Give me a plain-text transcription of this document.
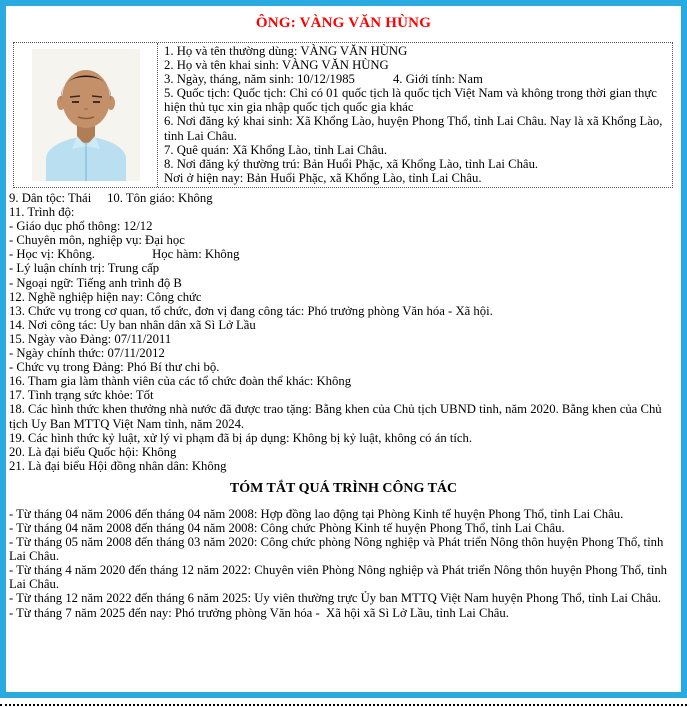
ÔNG: VÀNG VĂN HÙNG
1. Họ và tên thường dùng: VÀNG VĂN HÙNG
2. Họ và tên khai sinh: VÀNG VĂN HÙNG
3. Ngày, tháng, năm sinh: 10/12/1985            4. Giới tính: Nam
5. Quốc tịch: Quốc tịch: Chỉ có 01 quốc tịch là quốc tịch Việt Nam và không trong thời gian thực hiện thủ tục xin gia nhập quốc tịch quốc gia khác
6. Nơi đăng ký khai sinh: Xã Khổng Lào, huyện Phong Thổ, tỉnh Lai Châu. Nay là xã Khổng Lào, tỉnh Lai Châu.
7. Quê quán: Xã Khổng Lào, tỉnh Lai Châu.
8. Nơi đăng ký thường trú: Bản Huổi Phặc, xã Khổng Lào, tỉnh Lai Châu.
Nơi ở hiện nay: Bản Huổi Phặc, xã Khổng Lào, tỉnh Lai Châu.
9. Dân tộc: Thái     10. Tôn giáo: Không
11. Trình độ:
- Giáo dục phổ thông: 12/12
- Chuyên môn, nghiệp vụ: Đại học
- Học vị: Không.                  Học hàm: Không
- Lý luận chính trị: Trung cấp
- Ngoại ngữ: Tiếng anh trình độ B
12. Nghề nghiệp hiện nay: Công chức
13. Chức vụ trong cơ quan, tổ chức, đơn vị đang công tác: Phó trưởng phòng Văn hóa - Xã hội.
14. Nơi công tác: Uy ban nhân dân xã Sì Lở Lầu
15. Ngày vào Đảng: 07/11/2011
- Ngày chính thức: 07/11/2012
- Chức vụ trong Đảng: Phó Bí thư chi bộ.
16. Tham gia làm thành viên của các tổ chức đoàn thể khác: Không
17. Tình trạng sức khỏe: Tốt
18. Các hình thức khen thưởng nhà nước đã được trao tặng: Bằng khen của Chủ tịch UBND tỉnh, năm 2020. Bằng khen của Chủ tịch Uy Ban MTTQ Việt Nam tỉnh, năm 2024.
19. Các hình thức kỷ luật, xử lý vi phạm đã bị áp dụng: Không bị kỷ luật, không có án tích.
20. Là đại biểu Quốc hội: Không
21. Là đại biểu Hội đồng nhân dân: Không
TÓM TẮT QUÁ TRÌNH CÔNG TÁC
- Từ tháng 04 năm 2006 đến tháng 04 năm 2008: Hợp đồng lao động tại Phòng Kinh tế huyện Phong Thổ, tỉnh Lai Châu.
- Từ tháng 04 năm 2008 đến tháng 04 năm 2008: Công chức Phòng Kinh tế huyện Phong Thổ, tỉnh Lai Châu.
- Từ tháng 05 năm 2008 đến tháng 03 năm 2020: Công chức phòng Nông nghiệp và Phát triển Nông thôn huyện Phong Thổ, tỉnh Lai Châu.
- Từ tháng 4 năm 2020 đến tháng 12 năm 2022: Chuyên viên Phòng Nông nghiệp và Phát triển Nông thôn huyện Phong Thổ, tỉnh Lai Châu.
- Từ tháng 12 năm 2022 đến tháng 6 năm 2025: Uy viên thường trực Ủy ban MTTQ Việt Nam huyện Phong Thổ, tỉnh Lai Châu.
- Từ tháng 7 năm 2025 đến nay: Phó trưởng phòng Văn hóa -  Xã hội xã Sì Lở Lầu, tỉnh Lai Châu.
